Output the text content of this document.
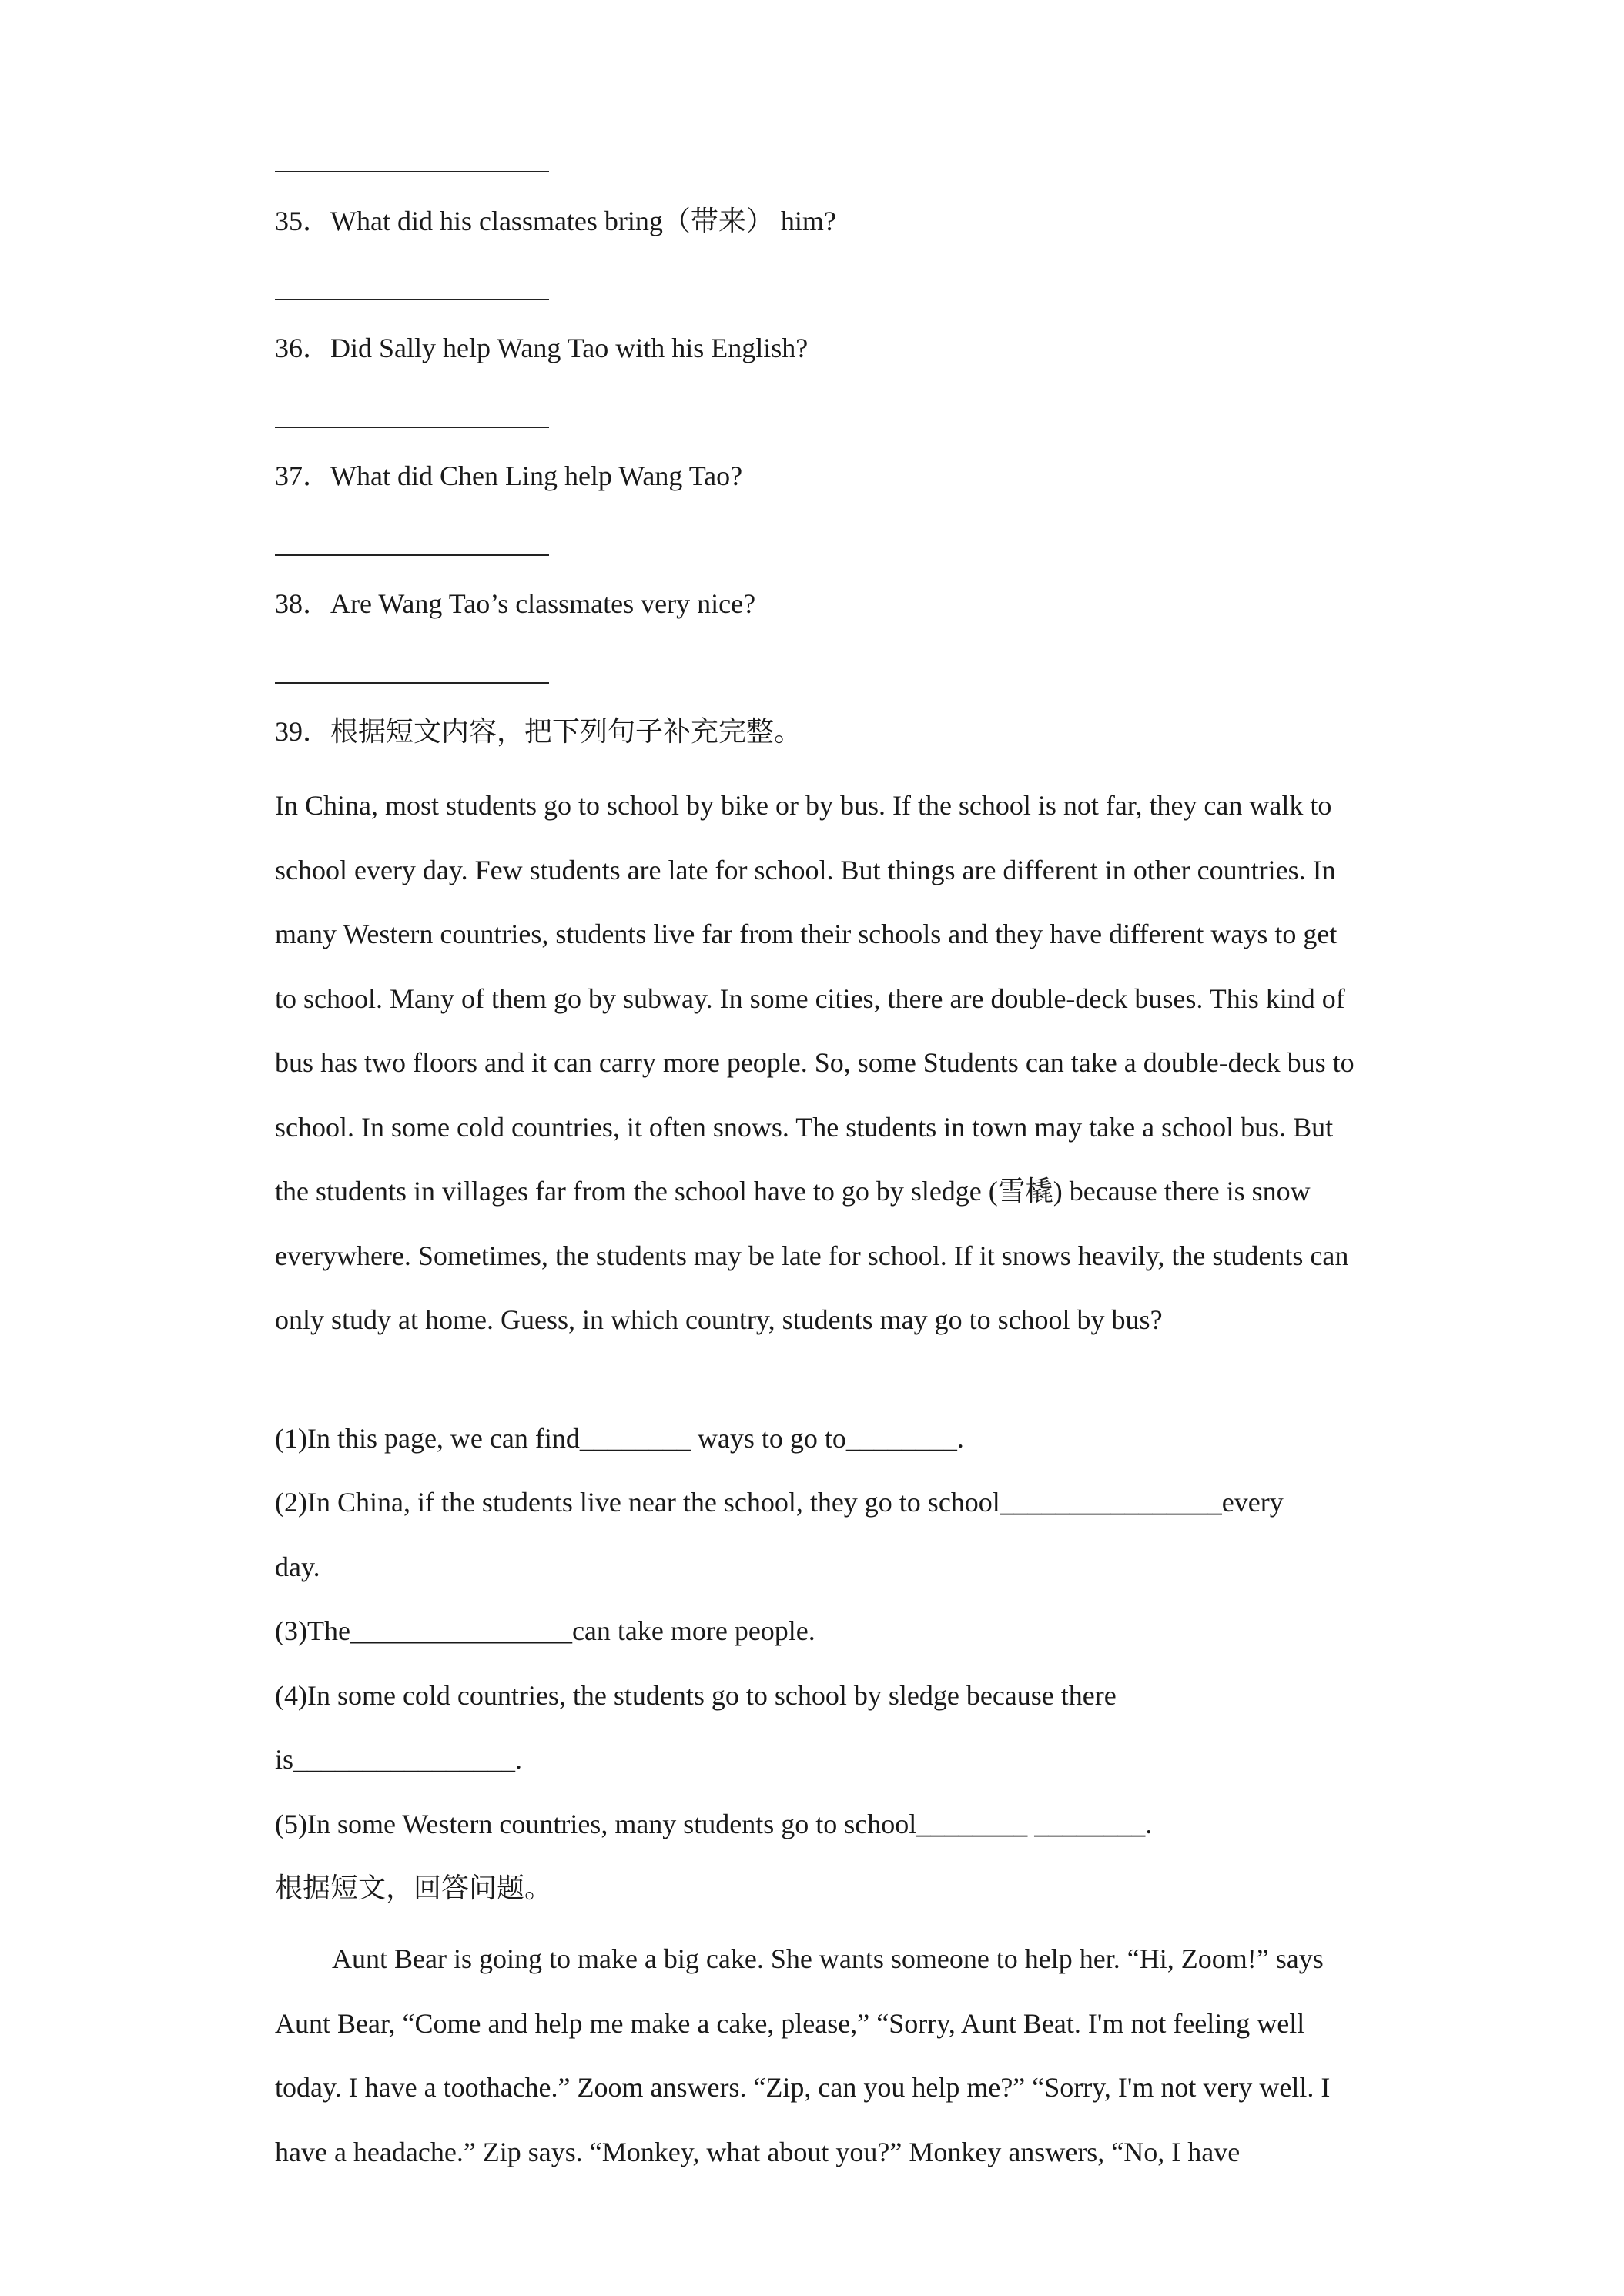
35．What did his classmates bring（带来） him?
36．Did Sally help Wang Tao with his English?
37．What did Chen Ling help Wang Tao?
38．Are Wang Tao’s classmates very nice?
39．根据短文内容，把下列句子补充完整。

In China, most students go to school by bike or by bus. If the school is not far, they can walk to school every day. Few students are late for school. But things are different in other countries. In many Western countries, students live far from their schools and they have different ways to get to school. Many of them go by subway. In some cities, there are double-deck buses. This kind of bus has two floors and it can carry more people. So, some Students can take a double-deck bus to school. In some cold countries, it often snows. The students in town may take a school bus. But the students in villages far from the school have to go by sledge (雪橇) because there is snow everywhere. Sometimes, the students may be late for school. If it snows heavily, the students can only study at home. Guess, in which country, students may go to school by bus?

(1)In this page, we can find________ ways to go to________.
(2)In China, if the students live near the school, they go to school________________every
day.
(3)The________________can take more people.
(4)In some cold countries, the students go to school by sledge because there
is________________.
(5)In some Western countries, many students go to school________ ________.
根据短文，回答问题。

Aunt Bear is going to make a big cake. She wants someone to help her. “Hi, Zoom!” says Aunt Bear, “Come and help me make a cake, please,” “Sorry, Aunt Beat. I'm not feeling well today. I have a toothache.” Zoom answers. “Zip, can you help me?” “Sorry, I'm not very well. I have a headache.” Zip says. “Monkey, what about you?” Monkey answers, “No, I have
